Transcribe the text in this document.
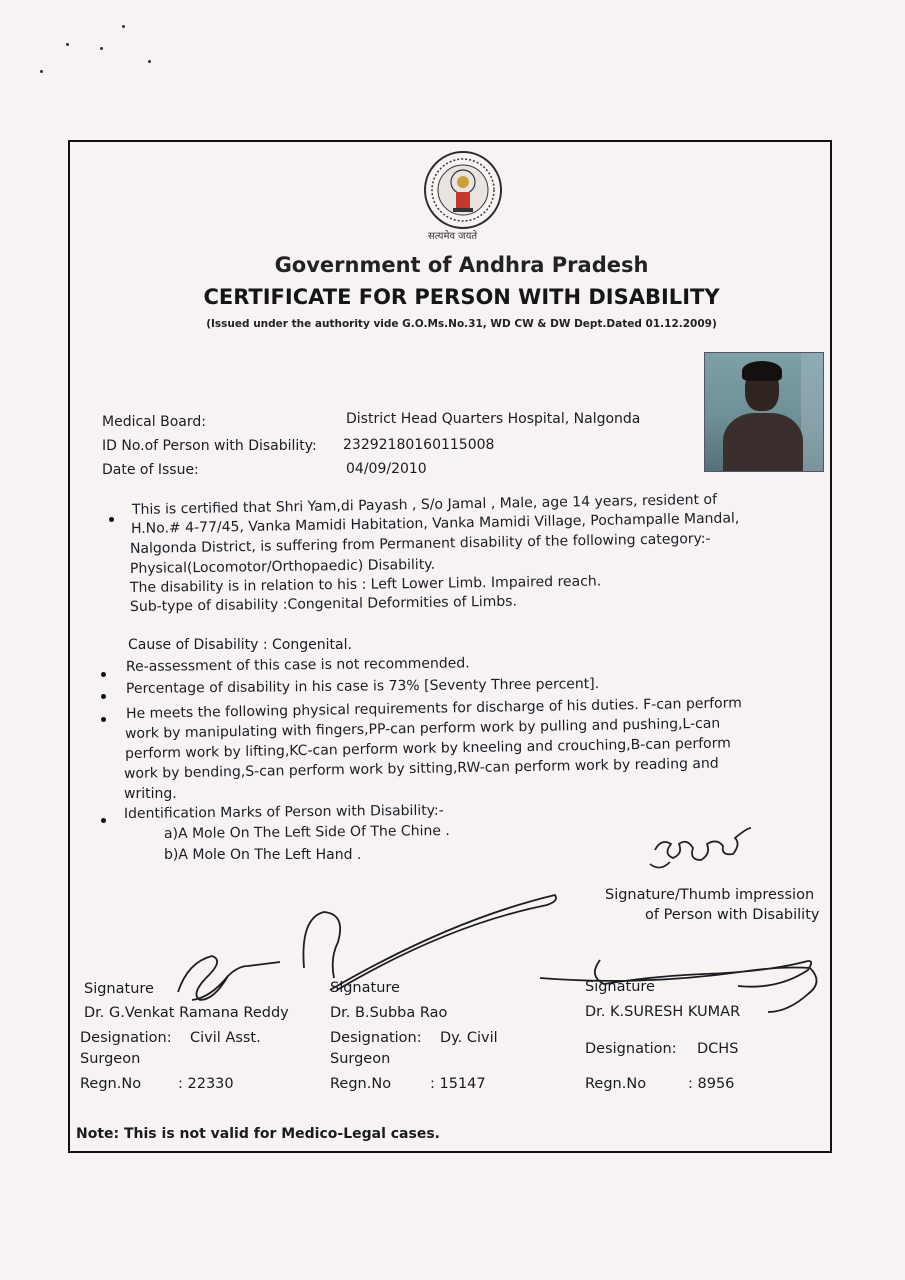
सत्यमेव जयते
Government of Andhra Pradesh
CERTIFICATE FOR PERSON WITH DISABILITY
(Issued under the authority vide G.O.Ms.No.31, WD CW & DW Dept.Dated 01.12.2009)
Medical Board:	District Head Quarters Hospital, Nalgonda
ID No.of Person with Disability: 23292180160115008
Date of Issue:	04/09/2010
This is certified that Shri Yam,di Payash , S/o Jamal , Male, age 14 years, resident of
H.No.# 4-77/45, Vanka Mamidi Habitation, Vanka Mamidi Village, Pochampalle Mandal,
Nalgonda District, is suffering from Permanent disability of the following category:-
Physical(Locomotor/Orthopaedic) Disability.
The disability is in relation to his : Left Lower Limb. Impaired reach.
Sub-type of disability :Congenital Deformities of Limbs.
Cause of Disability : Congenital.
Re-assessment of this case is not recommended.
Percentage of disability in his case is 73% [Seventy Three percent].
He meets the following physical requirements for discharge of his duties. F-can perform
work by manipulating with fingers,PP-can perform work by pulling and pushing,L-can
perform work by lifting,KC-can perform work by kneeling and crouching,B-can perform
work by bending,S-can perform work by sitting,RW-can perform work by reading and
writing.
Identification Marks of Person with Disability:-
a)A Mole On The Left Side Of The Chine .
b)A Mole On The Left Hand .
Signature/Thumb impression
of Person with Disability
Signature
Dr. G.Venkat Ramana Reddy
Designation: Civil Asst.
Surgeon
Regn.No	: 22330
Signature
Dr. B.Subba Rao
Designation: Dy. Civil
Surgeon
Regn.No	: 15147
Signature
Dr. K.SURESH KUMAR
Designation: DCHS
Regn.No	: 8956
Note: This is not valid for Medico-Legal cases.
